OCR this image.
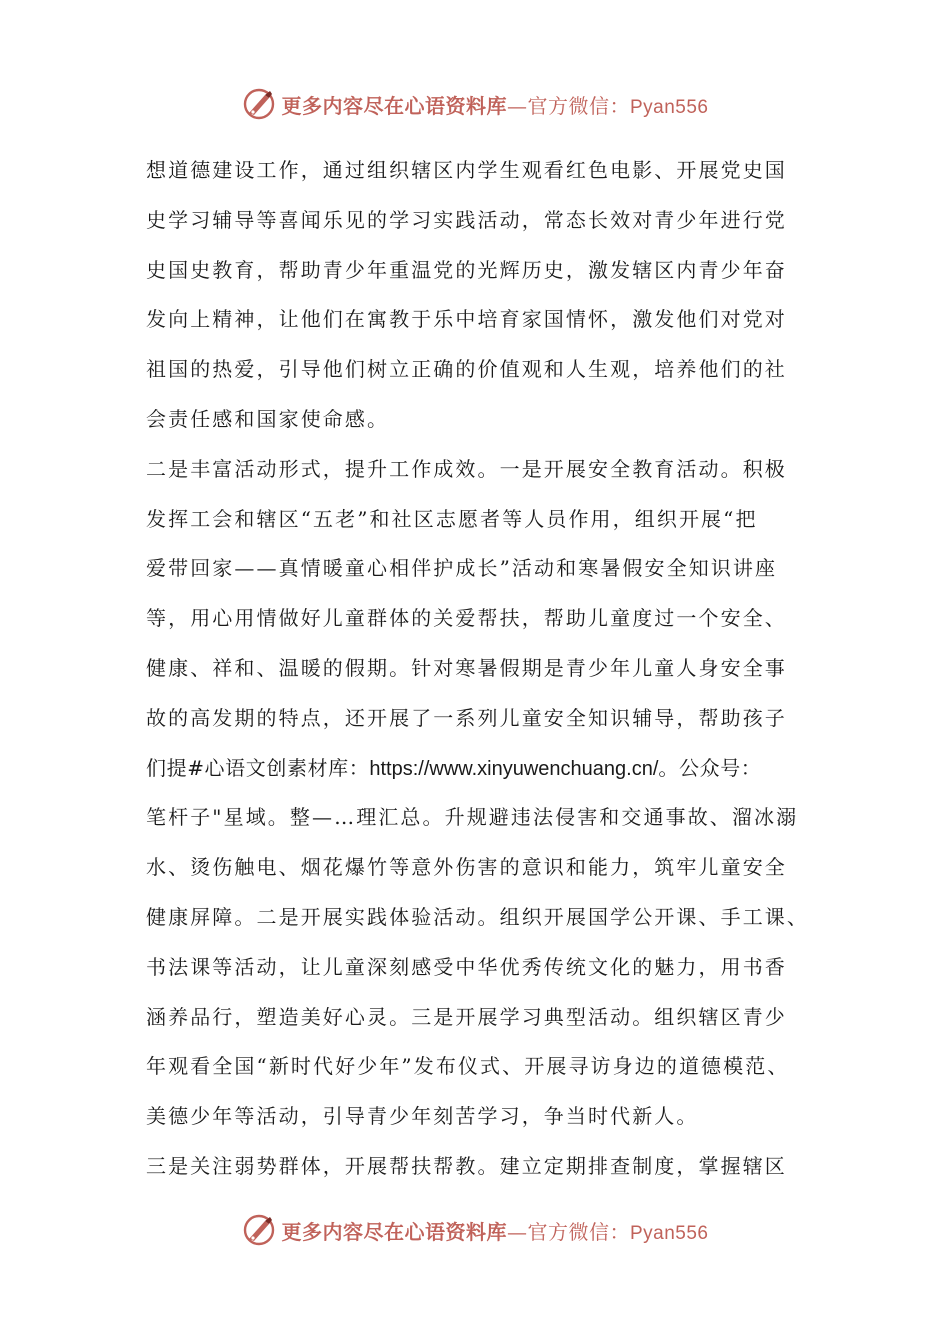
更多内容尽在心语资料库—官方微信：Pyan556
想道德建设工作，通过组织辖区内学生观看红色电影、开展党史国
史学习辅导等喜闻乐见的学习实践活动，常态长效对青少年进行党
史国史教育，帮助青少年重温党的光辉历史，激发辖区内青少年奋
发向上精神，让他们在寓教于乐中培育家国情怀，激发他们对党对
祖国的热爱，引导他们树立正确的价值观和人生观，培养他们的社
会责任感和国家使命感。
二是丰富活动形式，提升工作成效。一是开展安全教育活动。积极
发挥工会和辖区“五老”和社区志愿者等人员作用，组织开展“把
爱带回家——真情暖童心相伴护成长”活动和寒暑假安全知识讲座
等，用心用情做好儿童群体的关爱帮扶，帮助儿童度过一个安全、
健康、祥和、温暖的假期。针对寒暑假期是青少年儿童人身安全事
故的高发期的特点，还开展了一系列儿童安全知识辅导，帮助孩子
们提#心语文创素材库：https://www.xinyuwenchuang.cn/。公众号：
笔杆子"星域。整—…理汇总。升规避违法侵害和交通事故、溜冰溺
水、烫伤触电、烟花爆竹等意外伤害的意识和能力，筑牢儿童安全
健康屏障。二是开展实践体验活动。组织开展国学公开课、手工课、
书法课等活动，让儿童深刻感受中华优秀传统文化的魅力，用书香
涵养品行，塑造美好心灵。三是开展学习典型活动。组织辖区青少
年观看全国“新时代好少年”发布仪式、开展寻访身边的道德模范、
美德少年等活动，引导青少年刻苦学习，争当时代新人。
三是关注弱势群体，开展帮扶帮教。建立定期排查制度，掌握辖区
更多内容尽在心语资料库—官方微信：Pyan556
